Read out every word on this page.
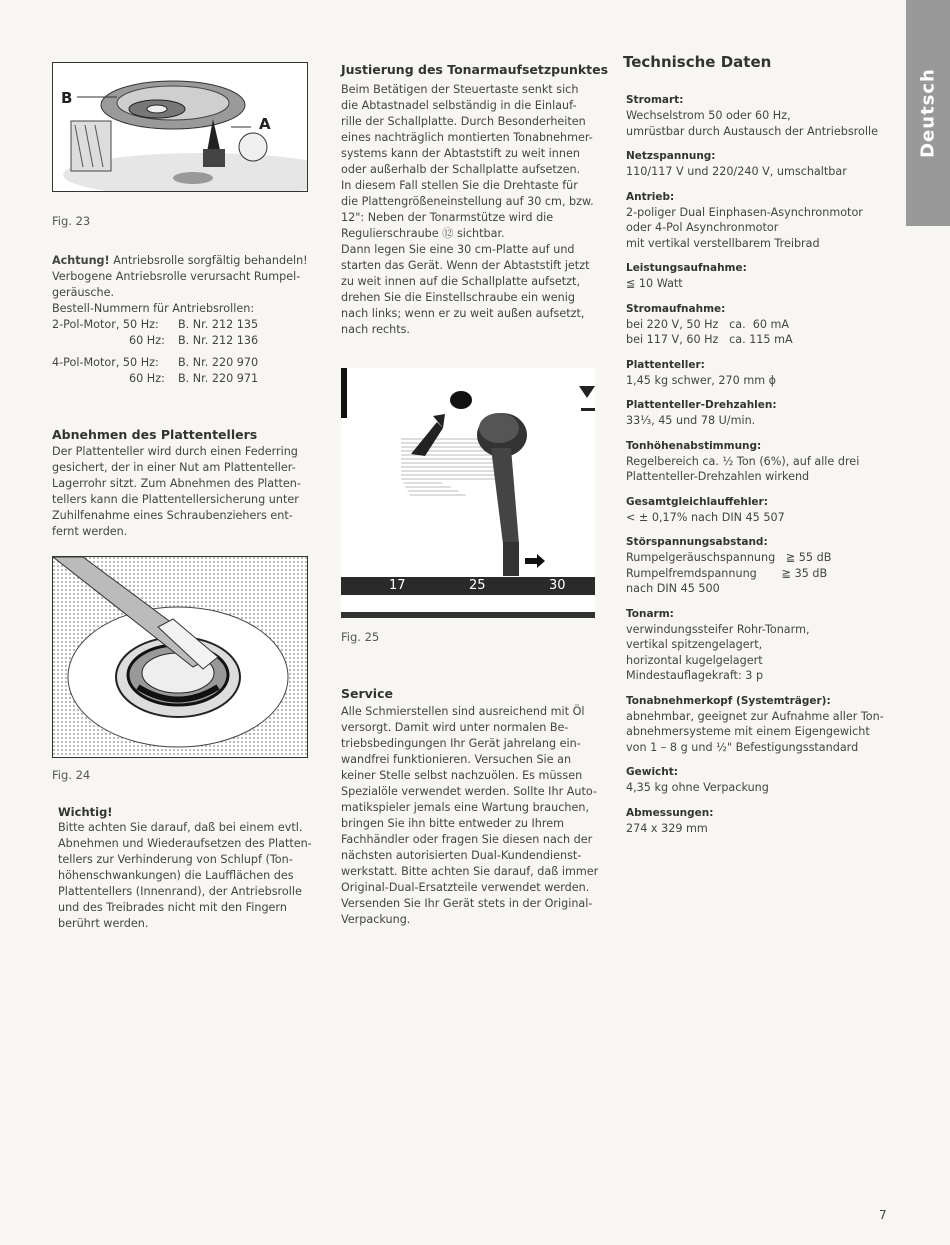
Deutsch
B
A
Fig. 23
Achtung! Antriebsrolle sorgfältig behandeln!
Verbogene Antriebsrolle verursacht Rumpel-
geräusche.
Bestell-Nummern für Antriebsrollen:
2-Pol-Motor, 50 Hz: B. Nr. 212 135
60 Hz: B. Nr. 212 136
4-Pol-Motor, 50 Hz: B. Nr. 220 970
60 Hz: B. Nr. 220 971
Abnehmen des Plattentellers
Der Plattenteller wird durch einen Federring
gesichert, der in einer Nut am Plattenteller-
Lagerrohr sitzt. Zum Abnehmen des Platten-
tellers kann die Plattentellersicherung unter
Zuhilfenahme eines Schraubenziehers ent-
fernt werden.
Fig. 24
Wichtig!
Bitte achten Sie darauf, daß bei einem evtl.
Abnehmen und Wiederaufsetzen des Platten-
tellers zur Verhinderung von Schlupf (Ton-
höhenschwankungen) die Laufflächen des
Plattentellers (Innenrand), der Antriebsrolle
und des Treibrades nicht mit den Fingern
berührt werden.
Justierung des Tonarmaufsetzpunktes
Beim Betätigen der Steuertaste senkt sich
die Abtastnadel selbständig in die Einlauf-
rille der Schallplatte. Durch Besonderheiten
eines nachträglich montierten Tonabnehmer-
systems kann der Abtaststift zu weit innen
oder außerhalb der Schallplatte aufsetzen.
In diesem Fall stellen Sie die Drehtaste für
die Plattengrößeneinstellung auf 30 cm, bzw.
12": Neben der Tonarmstütze wird die
Regulierschraube ⑫ sichtbar.
Dann legen Sie eine 30 cm-Platte auf und
starten das Gerät. Wenn der Abtaststift jetzt
zu weit innen auf die Schallplatte aufsetzt,
drehen Sie die Einstellschraube ein wenig
nach links; wenn er zu weit außen aufsetzt,
nach rechts.
17	25	30
Fig. 25
Service
Alle Schmierstellen sind ausreichend mit Öl
versorgt. Damit wird unter normalen Be-
triebsbedingungen Ihr Gerät jahrelang ein-
wandfrei funktionieren. Versuchen Sie an
keiner Stelle selbst nachzuölen. Es müssen
Spezialöle verwendet werden. Sollte Ihr Auto-
matikspieler jemals eine Wartung brauchen,
bringen Sie ihn bitte entweder zu Ihrem
Fachhändler oder fragen Sie diesen nach der
nächsten autorisierten Dual-Kundendienst-
werkstatt. Bitte achten Sie darauf, daß immer
Original-Dual-Ersatzteile verwendet werden.
Versenden Sie Ihr Gerät stets in der Original-
Verpackung.
Technische Daten
Stromart:
Wechselstrom 50 oder 60 Hz,
umrüstbar durch Austausch der Antriebsrolle
Netzspannung:
110/117 V und 220/240 V, umschaltbar
Antrieb:
2-poliger Dual Einphasen-Asynchronmotor
oder 4-Pol Asynchronmotor
mit vertikal verstellbarem Treibrad
Leistungsaufnahme:
≦ 10 Watt
Stromaufnahme:
bei 220 V, 50 Hz   ca.  60 mA
bei 117 V, 60 Hz   ca. 115 mA
Plattenteller:
1,45 kg schwer, 270 mm ɸ
Plattenteller-Drehzahlen:
33⅓, 45 und 78 U/min.
Tonhöhenabstimmung:
Regelbereich ca. ½ Ton (6%), auf alle drei
Plattenteller-Drehzahlen wirkend
Gesamtgleichlauffehler:
< ± 0,17% nach DIN 45 507
Störspannungsabstand:
Rumpelgeräuschspannung   ≧ 55 dB
Rumpelfremdspannung       ≧ 35 dB
nach DIN 45 500
Tonarm:
verwindungssteifer Rohr-Tonarm,
vertikal spitzengelagert,
horizontal kugelgelagert
Mindestauflagekraft: 3 p
Tonabnehmerkopf (Systemträger):
abnehmbar, geeignet zur Aufnahme aller Ton-
abnehmersysteme mit einem Eigengewicht
von 1 – 8 g und ½" Befestigungsstandard
Gewicht:
4,35 kg ohne Verpackung
Abmessungen:
274 x 329 mm
7
